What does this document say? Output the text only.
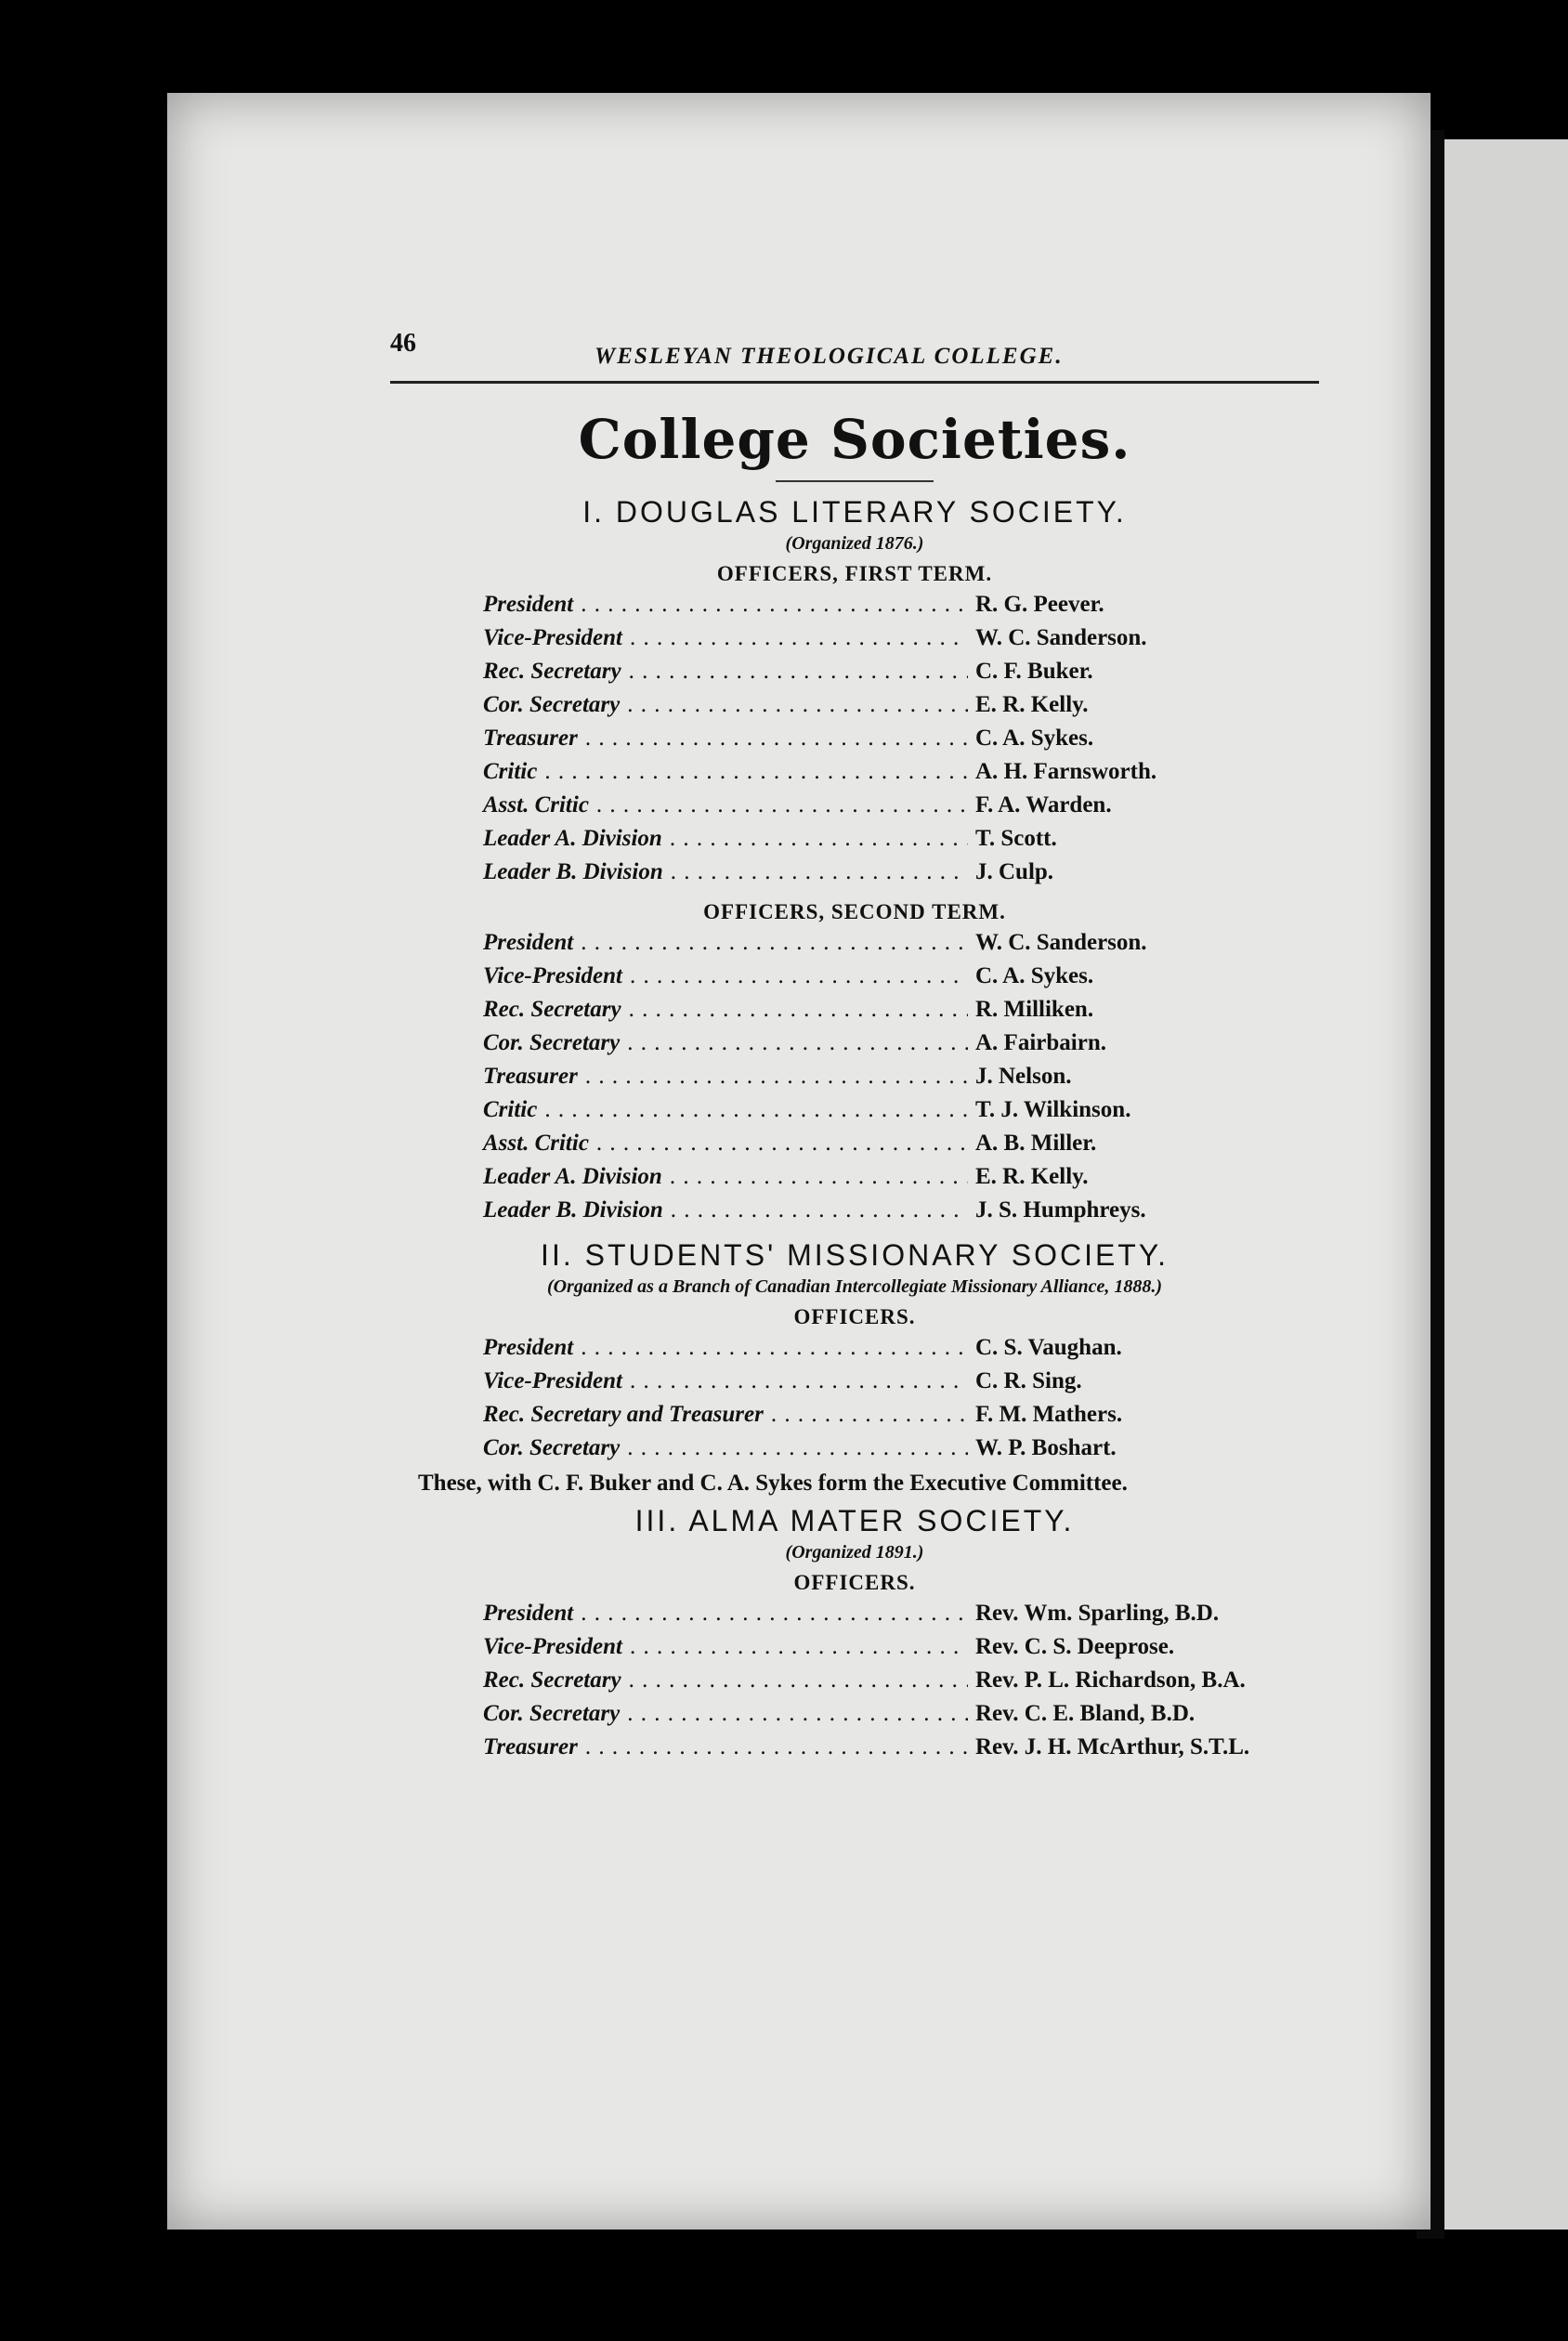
46	WESLEYAN THEOLOGICAL COLLEGE.
College Societies.
I. DOUGLAS LITERARY SOCIETY.
(Organized 1876.)
OFFICERS, FIRST TERM.
President . . .	R. G. Peever.
Vice-President . . .	W. C. Sanderson.
Rec. Secretary . . .	C. F. Buker.
Cor. Secretary . . .	E. R. Kelly.
Treasurer . . .	C. A. Sykes.
Critic . . .	A. H. Farnsworth.
Asst. Critic . . .	F. A. Warden.
Leader A. Division . . .	T. Scott.
Leader B. Division . . .	J. Culp.
OFFICERS, SECOND TERM.
President . . .	W. C. Sanderson.
Vice-President . . .	C. A. Sykes.
Rec. Secretary . . .	R. Milliken.
Cor. Secretary . . .	A. Fairbairn.
Treasurer . . .	J. Nelson.
Critic . . .	T. J. Wilkinson.
Asst. Critic . . .	A. B. Miller.
Leader A. Division . . .	E. R. Kelly.
Leader B. Division . . .	J. S. Humphreys.
II. STUDENTS' MISSIONARY SOCIETY.
(Organized as a Branch of Canadian Intercollegiate Missionary Alliance, 1888.)
OFFICERS.
President . . .	C. S. Vaughan.
Vice-President . . .	C. R. Sing.
Rec. Secretary and Treasurer . . .	F. M. Mathers.
Cor. Secretary . . .	W. P. Boshart.
These, with C. F. Buker and C. A. Sykes form the Executive Committee.
III. ALMA MATER SOCIETY.
(Organized 1891.)
OFFICERS.
President . . .	Rev. Wm. Sparling, B.D.
Vice-President . . .	Rev. C. S. Deeprose.
Rec. Secretary . . .	Rev. P. L. Richardson, B.A.
Cor. Secretary . . .	Rev. C. E. Bland, B.D.
Treasurer . . .	Rev. J. H. McArthur, S.T.L.
